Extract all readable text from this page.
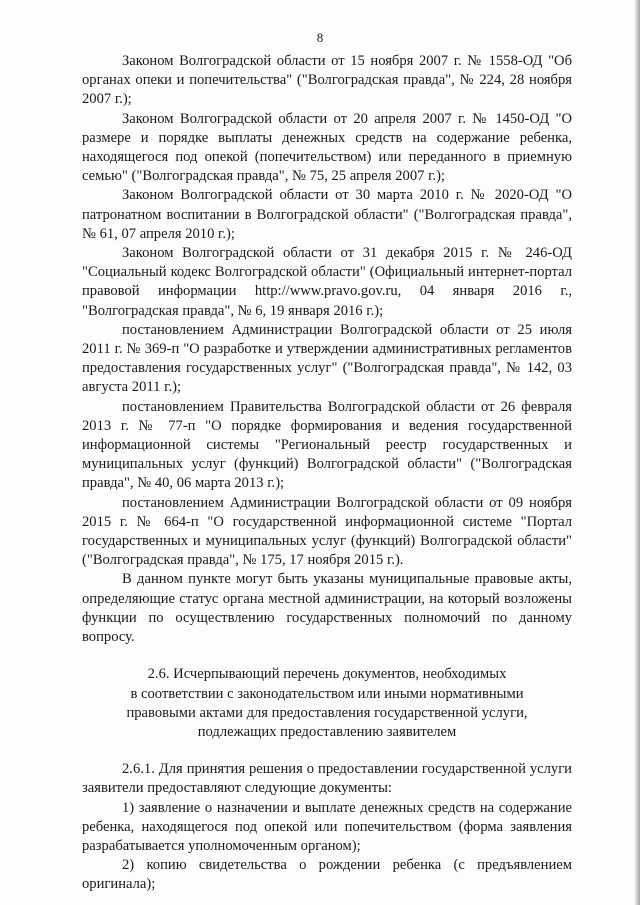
8

Законом Волгоградской области от 15 ноября 2007 г. № 1558-ОД "Об органах опеки и попечительства" ("Волгоградская правда", № 224, 28 ноября 2007 г.);

Законом Волгоградской области от 20 апреля 2007 г. № 1450-ОД "О размере и порядке выплаты денежных средств на содержание ребенка, находящегося под опекой (попечительством) или переданного в приемную семью" ("Волгоградская правда", № 75, 25 апреля 2007 г.);

Законом Волгоградской области от 30 марта 2010 г. № 2020-ОД "О патронатном воспитании в Волгоградской области" ("Волгоградская правда", № 61, 07 апреля 2010 г.);

Законом Волгоградской области от 31 декабря 2015 г. № 246-ОД "Социальный кодекс Волгоградской области" (Официальный интернет-портал правовой информации http://www.pravo.gov.ru, 04 января 2016 г., "Волгоградская правда", № 6, 19 января 2016 г.);

постановлением Администрации Волгоградской области от 25 июля 2011 г. № 369-п "О разработке и утверждении административных регламентов предоставления государственных услуг" ("Волгоградская правда", № 142, 03 августа 2011 г.);

постановлением Правительства Волгоградской области от 26 февраля 2013 г. № 77-п "О порядке формирования и ведения государственной информационной системы "Региональный реестр государственных и муниципальных услуг (функций) Волгоградской области" ("Волгоградская правда", № 40, 06 марта 2013 г.);

постановлением Администрации Волгоградской области от 09 ноября 2015 г. № 664-п "О государственной информационной системе "Портал государственных и муниципальных услуг (функций) Волгоградской области" ("Волгоградская правда", № 175, 17 ноября 2015 г.).

В данном пункте могут быть указаны муниципальные правовые акты, определяющие статус органа местной администрации, на который возложены функции по осуществлению государственных полномочий по данному вопросу.

2.6. Исчерпывающий перечень документов, необходимых
в соответствии с законодательством или иными нормативными
правовыми актами для предоставления государственной услуги,
подлежащих предоставлению заявителем

2.6.1. Для принятия решения о предоставлении государственной услуги заявители предоставляют следующие документы:

1) заявление о назначении и выплате денежных средств на содержание ребенка, находящегося под опекой или попечительством (форма заявления разрабатывается уполномоченным органом);

2) копию свидетельства о рождении ребенка (с предъявлением оригинала);
